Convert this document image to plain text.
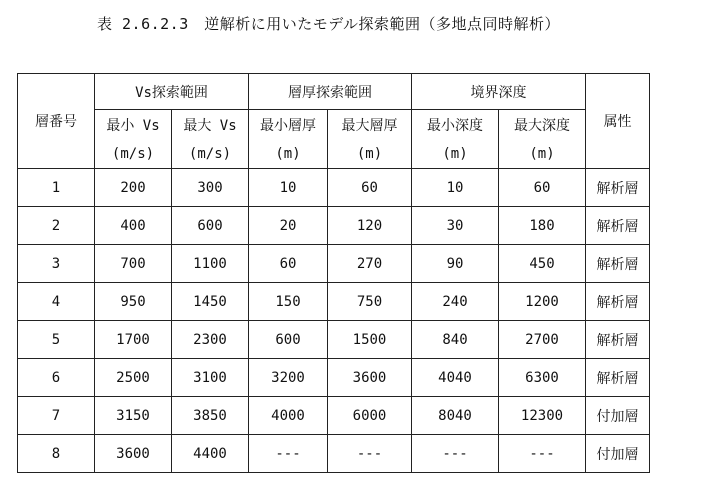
表 2.6.2.3　逆解析に用いたモデル探索範囲（多地点同時解析）
層番号	Vs探索範囲		層厚探索範囲		境界深度		属性
	最小 Vs	最大 Vs	最小層厚	最大層厚	最小深度	最大深度	
	(m/s)	(m/s)	(m)	(m)	(m)	(m)	
1	200	300	10	60	10	60	解析層
2	400	600	20	120	30	180	解析層
3	700	1100	60	270	90	450	解析層
4	950	1450	150	750	240	1200	解析層
5	1700	2300	600	1500	840	2700	解析層
6	2500	3100	3200	3600	4040	6300	解析層
7	3150	3850	4000	6000	8040	12300	付加層
8	3600	4400	---	---	---	---	付加層
